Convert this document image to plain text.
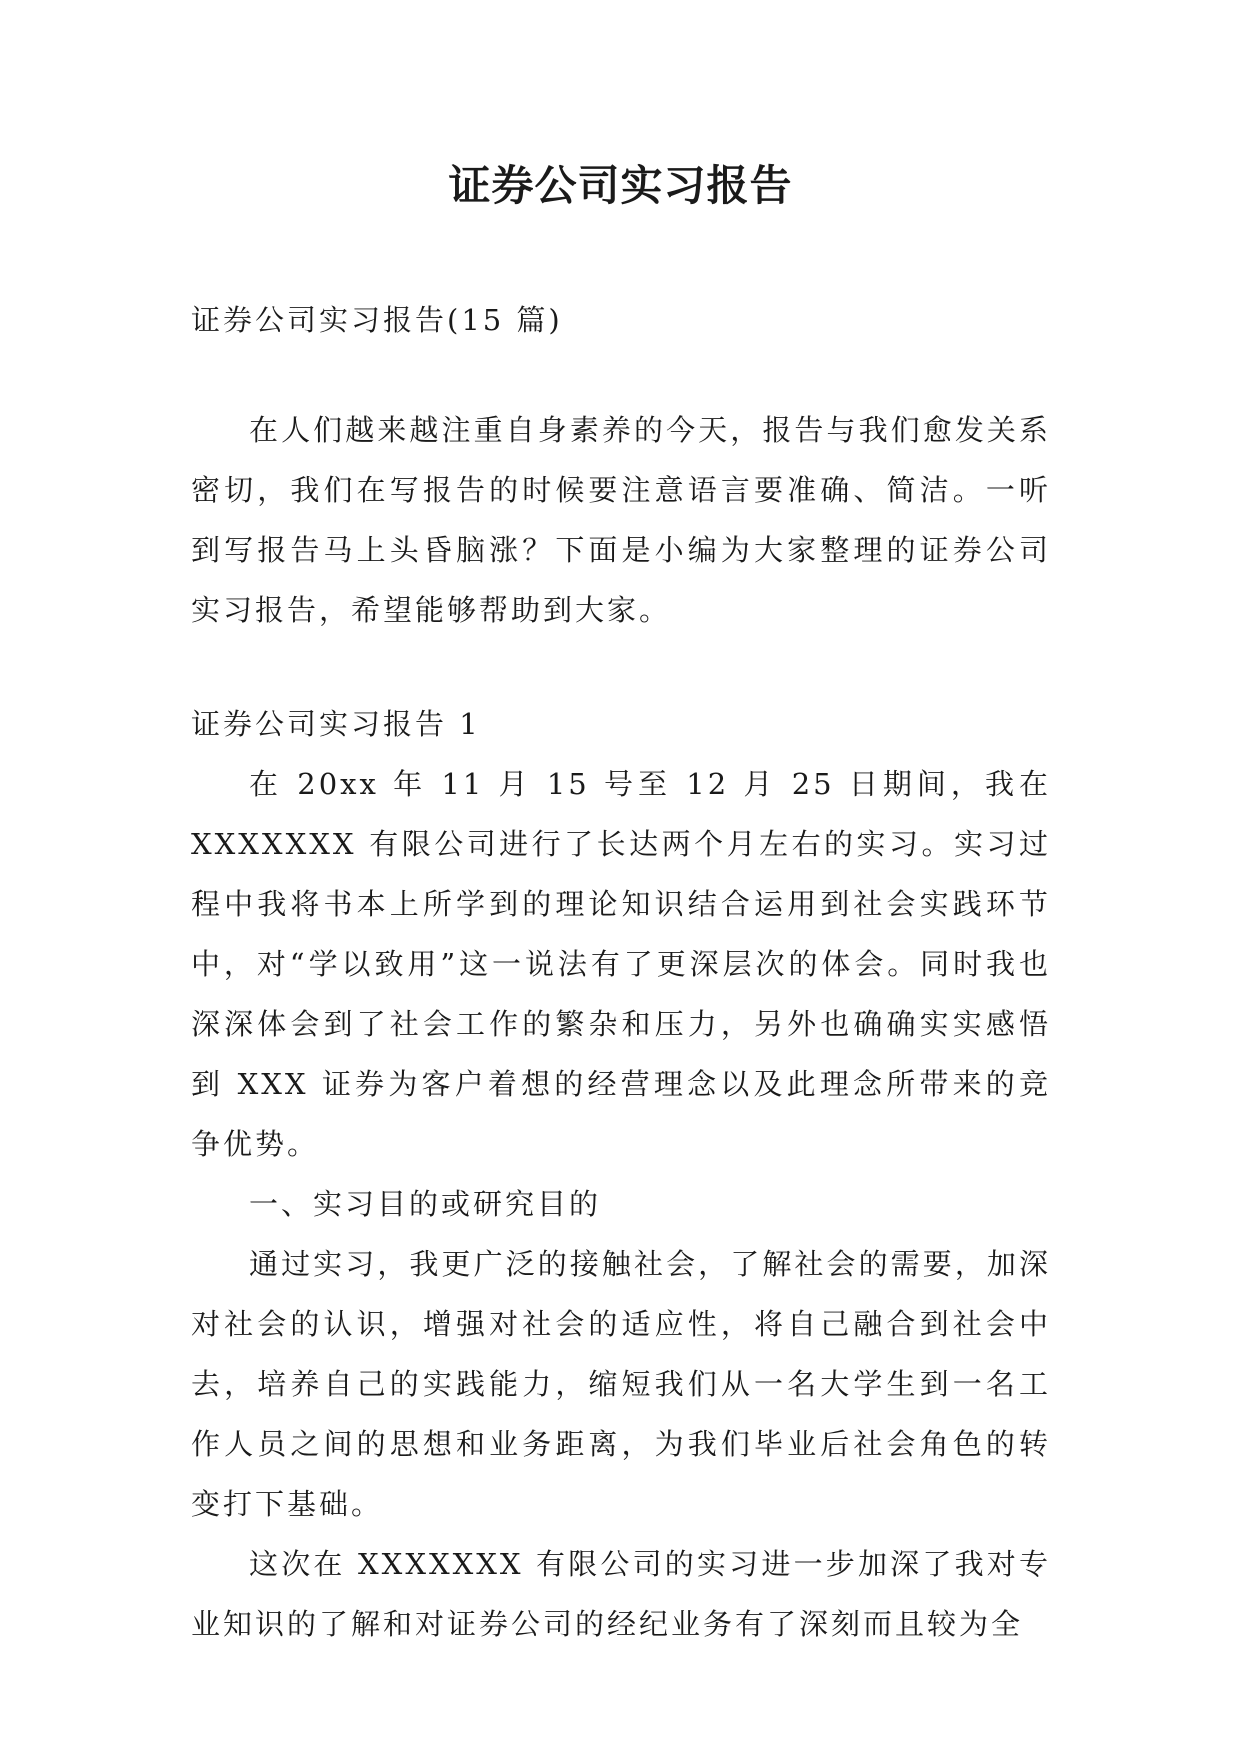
证券公司实习报告

证券公司实习报告(15 篇)

在人们越来越注重自身素养的今天，报告与我们愈发关系密切，我们在写报告的时候要注意语言要准确、简洁。一听到写报告马上头昏脑涨？下面是小编为大家整理的证券公司实习报告，希望能够帮助到大家。

证券公司实习报告 1

在 20xx 年 11 月 15 号至 12 月 25 日期间，我在 XXXXXXX 有限公司进行了长达两个月左右的实习。实习过程中我将书本上所学到的理论知识结合运用到社会实践环节中，对“学以致用”这一说法有了更深层次的体会。同时我也深深体会到了社会工作的繁杂和压力，另外也确确实实感悟到 XXX 证券为客户着想的经营理念以及此理念所带来的竞争优势。

一、实习目的或研究目的

通过实习，我更广泛的接触社会，了解社会的需要，加深对社会的认识，增强对社会的适应性，将自己融合到社会中去，培养自己的实践能力，缩短我们从一名大学生到一名工作人员之间的思想和业务距离，为我们毕业后社会角色的转变打下基础。

这次在 XXXXXXX 有限公司的实习进一步加深了我对专业知识的了解和对证券公司的经纪业务有了深刻而且较为全
